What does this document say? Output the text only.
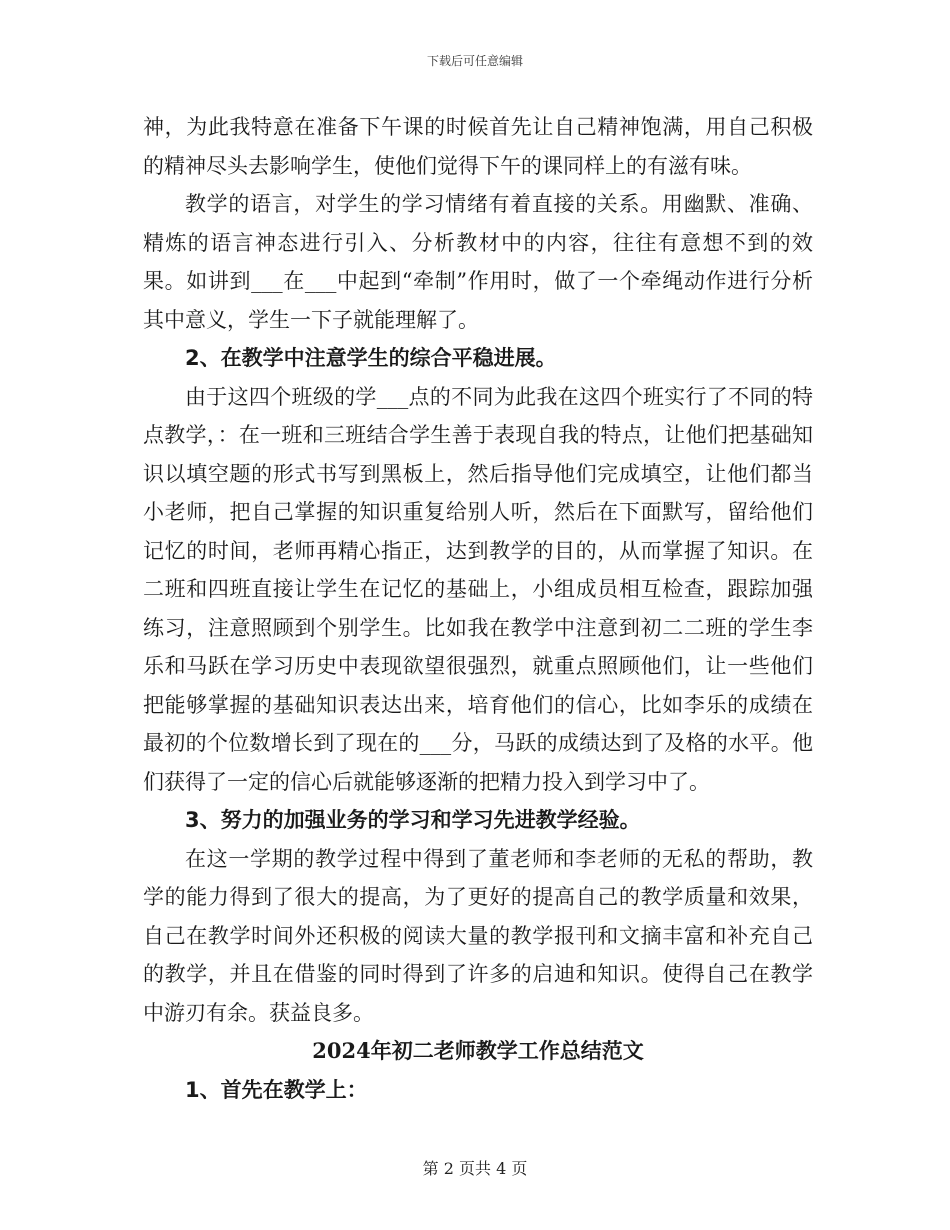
下载后可任意编辑

神，为此我特意在准备下午课的时候首先让自己精神饱满，用自己积极的精神尽头去影响学生，使他们觉得下午的课同样上的有滋有味。

教学的语言，对学生的学习情绪有着直接的关系。用幽默、准确、精炼的语言神态进行引入、分析教材中的内容，往往有意想不到的效果。如讲到___在___中起到“牵制”作用时，做了一个牵绳动作进行分析其中意义，学生一下子就能理解了。

2、在教学中注意学生的综合平稳进展。

由于这四个班级的学___点的不同为此我在这四个班实行了不同的特点教学，：在一班和三班结合学生善于表现自我的特点，让他们把基础知识以填空题的形式书写到黑板上，然后指导他们完成填空，让他们都当小老师，把自己掌握的知识重复给别人听，然后在下面默写，留给他们记忆的时间，老师再精心指正，达到教学的目的，从而掌握了知识。在二班和四班直接让学生在记忆的基础上，小组成员相互检查，跟踪加强练习，注意照顾到个别学生。比如我在教学中注意到初二二班的学生李乐和马跃在学习历史中表现欲望很强烈，就重点照顾他们，让一些他们把能够掌握的基础知识表达出来，培育他们的信心，比如李乐的成绩在最初的个位数增长到了现在的___分，马跃的成绩达到了及格的水平。他们获得了一定的信心后就能够逐渐的把精力投入到学习中了。

3、努力的加强业务的学习和学习先进教学经验。

在这一学期的教学过程中得到了董老师和李老师的无私的帮助，教学的能力得到了很大的提高，为了更好的提高自己的教学质量和效果，自己在教学时间外还积极的阅读大量的教学报刊和文摘丰富和补充自己的教学，并且在借鉴的同时得到了许多的启迪和知识。使得自己在教学中游刃有余。获益良多。

2024年初二老师教学工作总结范文

1、首先在教学上：

第 2 页共 4 页
